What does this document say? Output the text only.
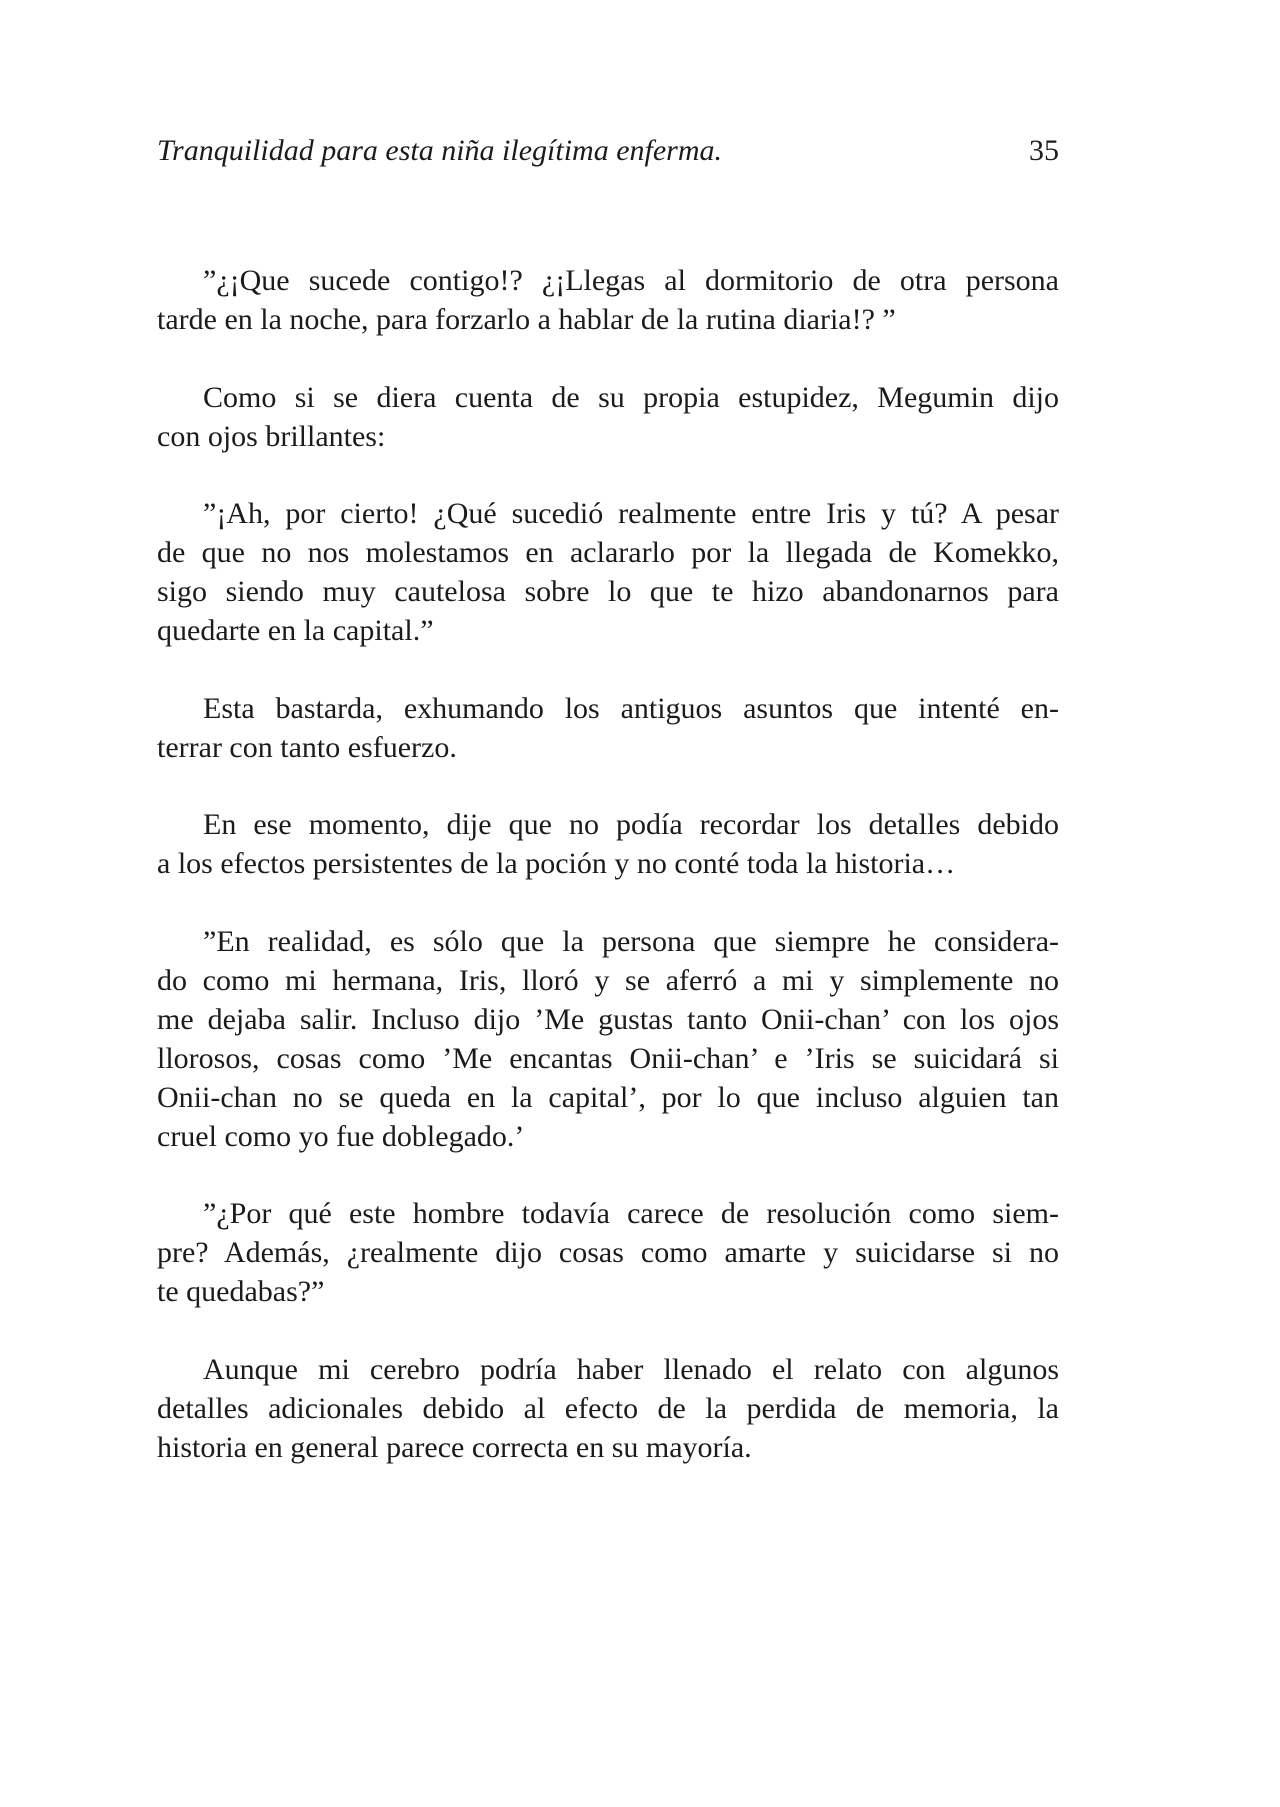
Tranquilidad para esta niña ilegítima enferma.	35
”¿¡Que sucede contigo!? ¿¡Llegas al dormitorio de otra persona
tarde en la noche, para forzarlo a hablar de la rutina diaria!? ”
Como si se diera cuenta de su propia estupidez, Megumin dijo
con ojos brillantes:
”¡Ah, por cierto! ¿Qué sucedió realmente entre Iris y tú? A pesar
de que no nos molestamos en aclararlo por la llegada de Komekko,
sigo siendo muy cautelosa sobre lo que te hizo abandonarnos para
quedarte en la capital.”
Esta bastarda, exhumando los antiguos asuntos que intenté en-
terrar con tanto esfuerzo.
En ese momento, dije que no podía recordar los detalles debido
a los efectos persistentes de la poción y no conté toda la historia…
”En realidad, es sólo que la persona que siempre he considera-
do como mi hermana, Iris, lloró y se aferró a mi y simplemente no
me dejaba salir. Incluso dijo ’Me gustas tanto Onii-chan’ con los ojos
llorosos, cosas como ’Me encantas Onii-chan’ e ’Iris se suicidará si
Onii-chan no se queda en la capital’, por lo que incluso alguien tan
cruel como yo fue doblegado.’
”¿Por qué este hombre todavía carece de resolución como siem-
pre? Además, ¿realmente dijo cosas como amarte y suicidarse si no
te quedabas?”
Aunque mi cerebro podría haber llenado el relato con algunos
detalles adicionales debido al efecto de la perdida de memoria, la
historia en general parece correcta en su mayoría.
